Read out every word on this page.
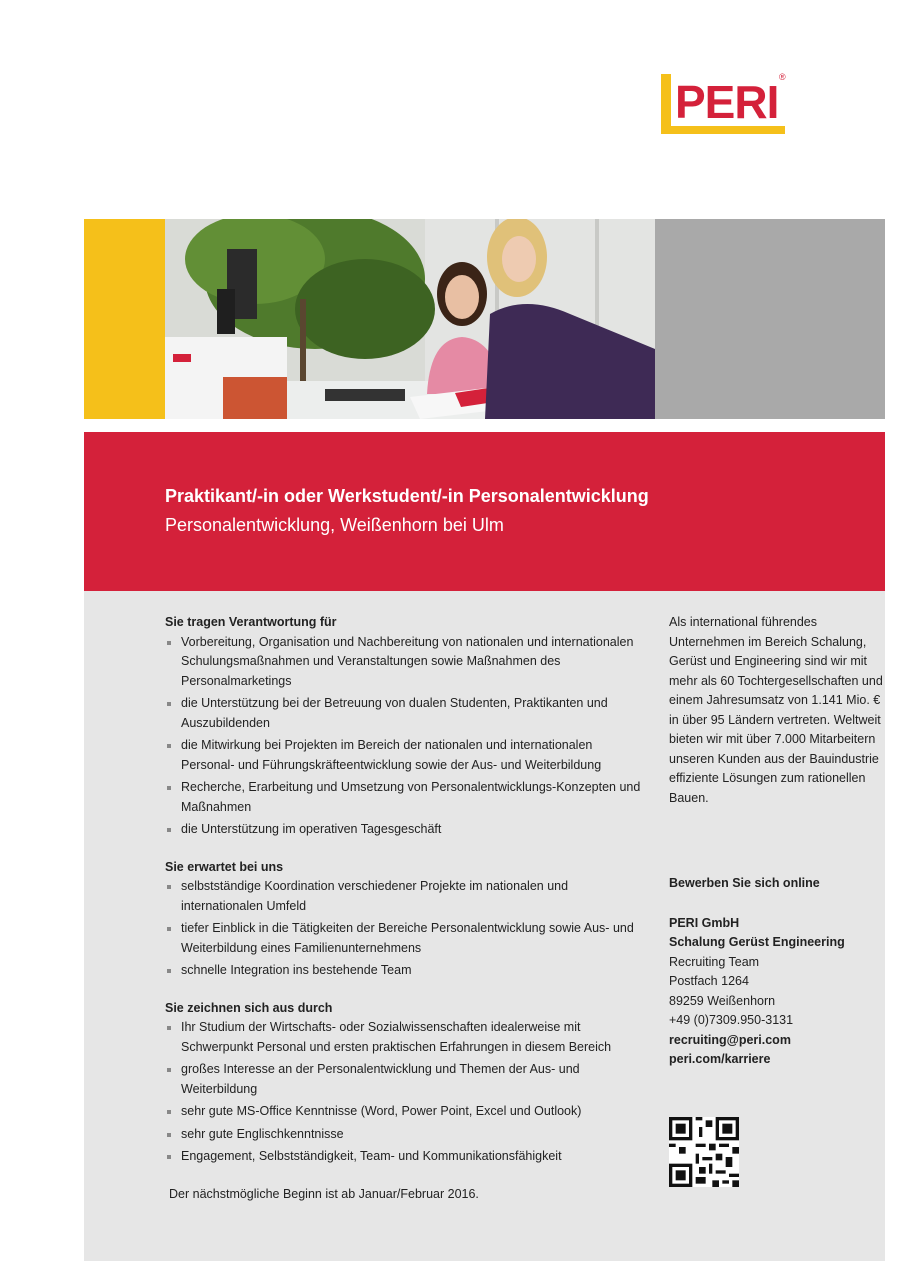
PERI ®
Praktikant/-in oder Werkstudent/-in Personalentwicklung
Personalentwicklung, Weißenhorn bei Ulm

Sie tragen Verantwortung für

Vorbereitung, Organisation und Nachbereitung von nationalen und internationalen Schulungsmaßnahmen und Veranstaltungen sowie Maßnahmen des Personalmarketings
die Unterstützung bei der Betreuung von dualen Studenten, Praktikanten und Auszubildenden
die Mitwirkung bei Projekten im Bereich der nationalen und internationalen Personal- und Führungskräfteentwicklung sowie der Aus- und Weiterbildung
Recherche, Erarbeitung und Umsetzung von Personalentwicklungs-Konzepten und Maßnahmen
die Unterstützung im operativen Tagesgeschäft

Sie erwartet bei uns

selbstständige Koordination verschiedener Projekte im nationalen und internationalen Umfeld
tiefer Einblick in die Tätigkeiten der Bereiche Personalentwicklung sowie Aus- und Weiterbildung eines Familienunternehmens
schnelle Integration ins bestehende Team

Sie zeichnen sich aus durch

Ihr Studium der Wirtschafts- oder Sozialwissenschaften idealerweise mit Schwerpunkt Personal und ersten praktischen Erfahrungen in diesem Bereich
großes Interesse an der Personalentwicklung und Themen der Aus- und Weiterbildung
sehr gute MS-Office Kenntnisse (Word, Power Point, Excel und Outlook)
sehr gute Englischkenntnisse
Engagement, Selbstständigkeit, Team- und Kommunikationsfähigkeit
Der nächstmögliche Beginn ist ab Januar/Februar 2016.
Als international führendes Unternehmen im Bereich Schalung, Gerüst und Engineering sind wir mit mehr als 60 Tochtergesellschaften und einem Jahresumsatz von 1.141 Mio. € in über 95 Ländern vertreten. Weltweit bieten wir mit über 7.000 Mitarbeitern unseren Kunden aus der Bauindustrie effiziente Lösungen zum rationellen Bauen.
Bewerben Sie sich online
PERI GmbH
Schalung Gerüst Engineering
Recruiting Team
Postfach 1264
89259 Weißenhorn
+49 (0)7309.950-3131
recruiting@peri.com
peri.com/karriere
